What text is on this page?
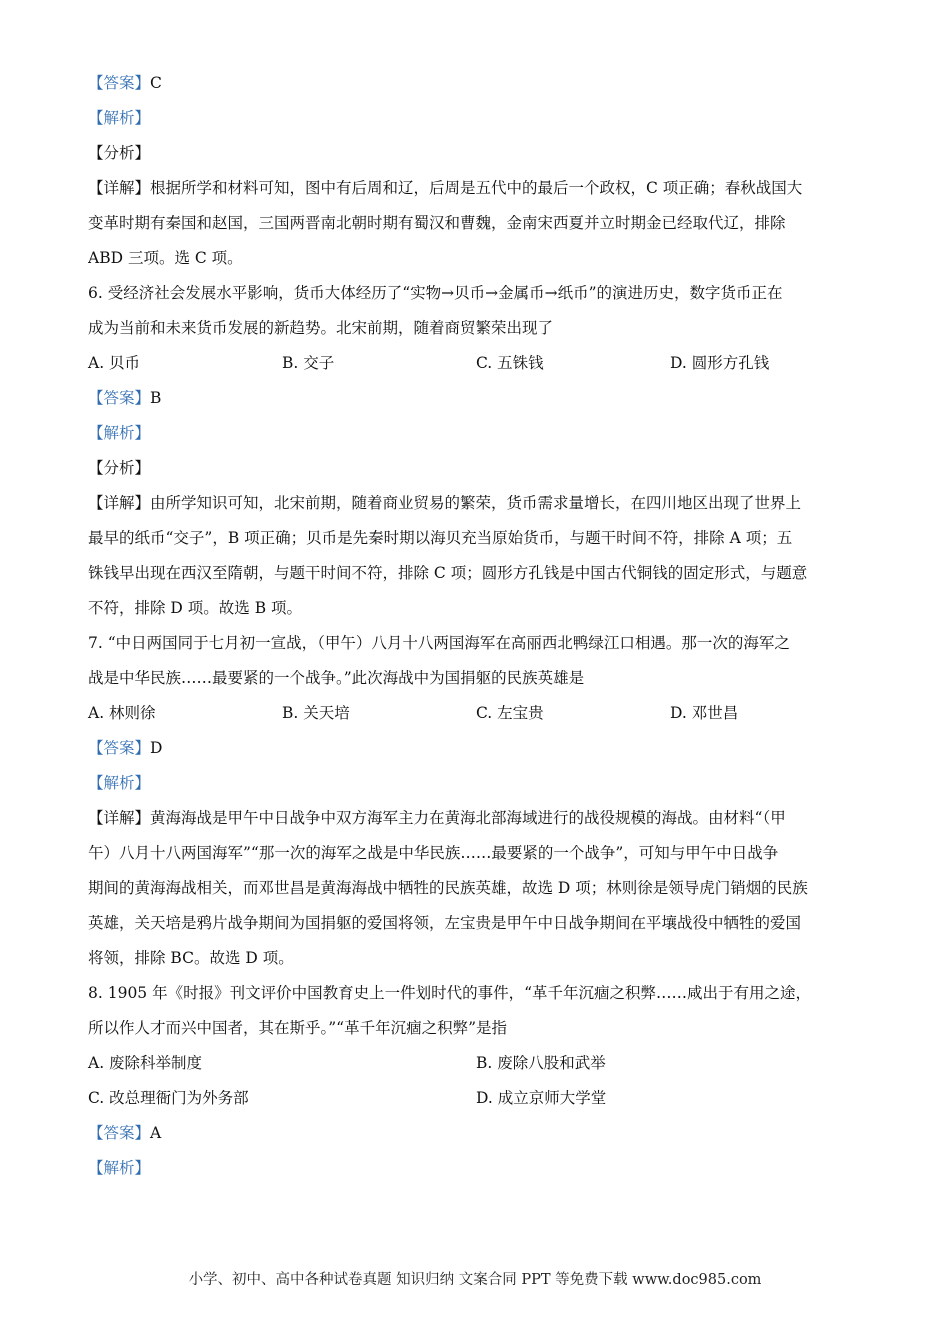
【答案】C
【解析】
【分析】
【详解】根据所学和材料可知，图中有后周和辽，后周是五代中的最后一个政权，C 项正确；春秋战国大
变革时期有秦国和赵国，三国两晋南北朝时期有蜀汉和曹魏，金南宋西夏并立时期金已经取代辽，排除
ABD 三项。选 C 项。
6. 受经济社会发展水平影响，货币大体经历了“实物→贝币→金属币→纸币”的演进历史，数字货币正在
成为当前和未来货币发展的新趋势。北宋前期，随着商贸繁荣出现了
A. 贝币	B. 交子	C. 五铢钱	D. 圆形方孔钱
【答案】B
【解析】
【分析】
【详解】由所学知识可知，北宋前期，随着商业贸易的繁荣，货币需求量增长，在四川地区出现了世界上
最早的纸币“交子”，B 项正确；贝币是先秦时期以海贝充当原始货币，与题干时间不符，排除 A 项；五
铢钱早出现在西汉至隋朝，与题干时间不符，排除 C 项；圆形方孔钱是中国古代铜钱的固定形式，与题意
不符，排除 D 项。故选 B 项。
7. “中日两国同于七月初一宣战，（甲午）八月十八两国海军在高丽西北鸭绿江口相遇。那一次的海军之
战是中华民族……最要紧的一个战争。”此次海战中为国捐躯的民族英雄是
A. 林则徐	B. 关天培	C. 左宝贵	D. 邓世昌
【答案】D
【解析】
【详解】黄海海战是甲午中日战争中双方海军主力在黄海北部海域进行的战役规模的海战。由材料“（甲
午）八月十八两国海军”“那一次的海军之战是中华民族……最要紧的一个战争”，可知与甲午中日战争
期间的黄海海战相关，而邓世昌是黄海海战中牺牲的民族英雄，故选 D 项；林则徐是领导虎门销烟的民族
英雄，关天培是鸦片战争期间为国捐躯的爱国将领，左宝贵是甲午中日战争期间在平壤战役中牺牲的爱国
将领，排除 BC。故选 D 项。
8. 1905 年《时报》刊文评价中国教育史上一件划时代的事件，“革千年沉痼之积弊……咸出于有用之途，
所以作人才而兴中国者，其在斯乎。”“革千年沉痼之积弊”是指
A. 废除科举制度	B. 废除八股和武举
C. 改总理衙门为外务部	D. 成立京师大学堂
【答案】A
【解析】
小学、初中、高中各种试卷真题 知识归纳 文案合同 PPT 等免费下载 www.doc985.com
